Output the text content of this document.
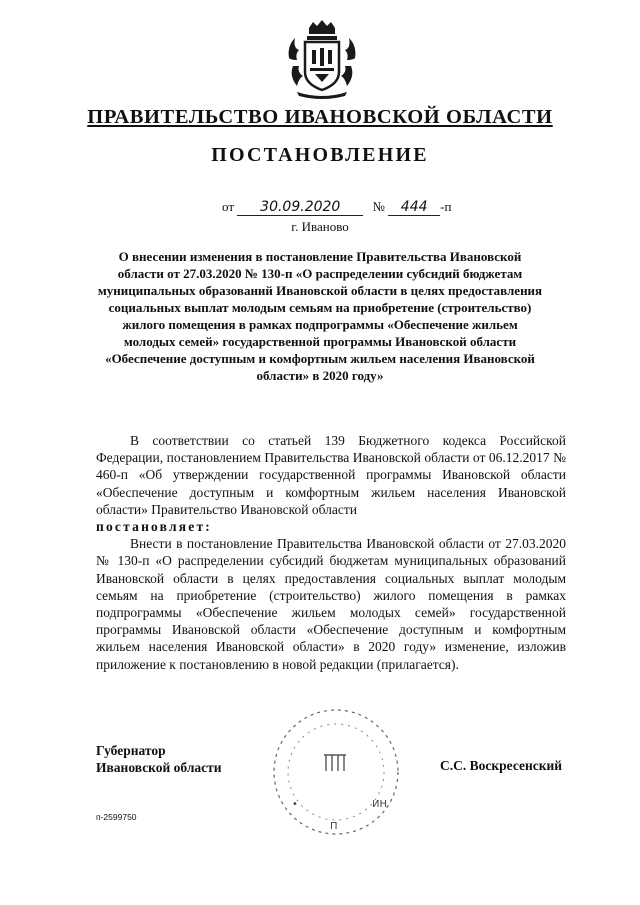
ПРАВИТЕЛЬСТВО ИВАНОВСКОЙ ОБЛАСТИ
ПОСТАНОВЛЕНИЕ
от 30.09.2020 № 444 -п
г. Иваново

О внесении изменения в постановление Правительства Ивановской области от 27.03.2020 № 130-п «О распределении субсидий бюджетам муниципальных образований Ивановской области в целях предоставления социальных выплат молодым семьям на приобретение (строительство) жилого помещения в рамках подпрограммы «Обеспечение жильем молодых семей» государственной программы Ивановской области «Обеспечение доступным и комфортным жильем населения Ивановской области» в 2020 году»

В соответствии со статьей 139 Бюджетного кодекса Российской Федерации, постановлением Правительства Ивановской области от 06.12.2017 № 460-п «Об утверждении государственной программы Ивановской области «Обеспечение доступным и комфортным жильем населения Ивановской области» Правительство Ивановской области
постановляет:

Внести в постановление Правительства Ивановской области от 27.03.2020 № 130-п «О распределении субсидий бюджетам муниципальных образований Ивановской области в целях предоставления социальных выплат молодым семьям на приобретение (строительство) жилого помещения в рамках подпрограммы «Обеспечение жильем молодых семей» государственной программы Ивановской области «Обеспечение доступным и комфортным жильем населения Ивановской области» в 2020 году» изменение, изложив приложение к постановлению в новой редакции (прилагается).

ИН
П
•
Губернатор
Ивановской области	С.С. Воскресенский
п-2599750
